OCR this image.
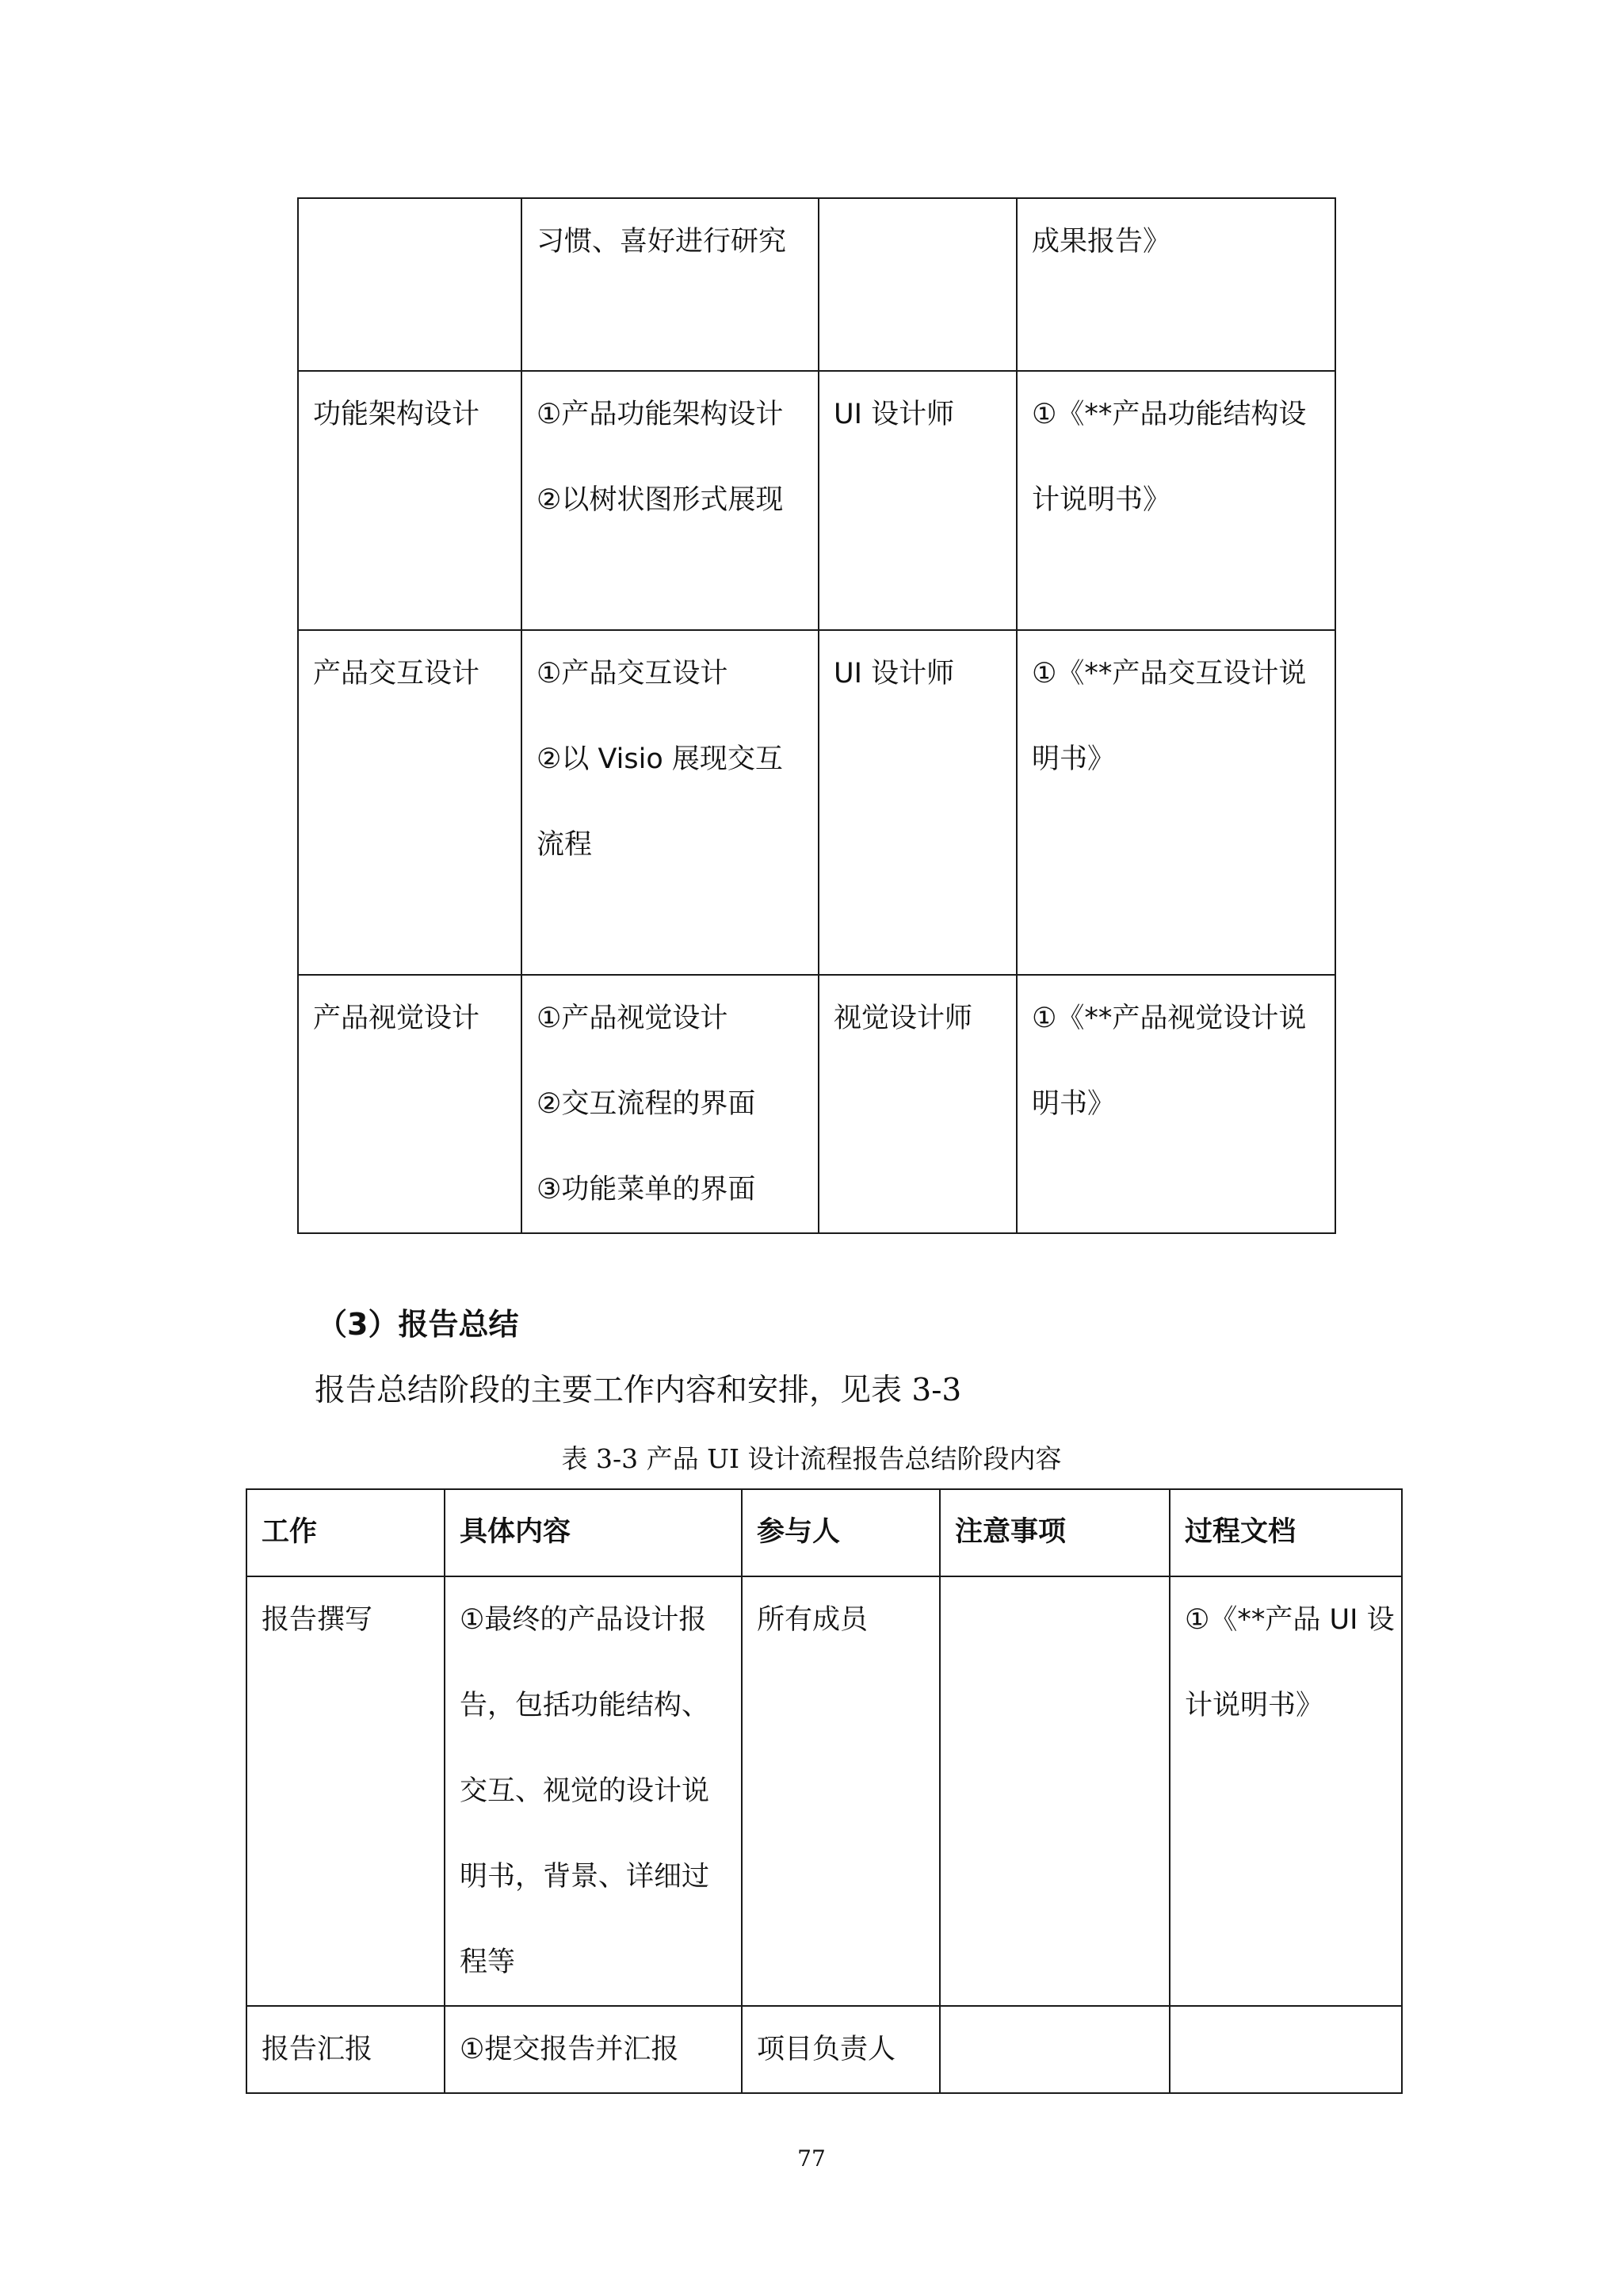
	习惯、喜好进行研究		成果报告》

功能架构设计	①产品功能架构设计
②以树状图形式展现	UI 设计师	①《**产品功能结构设
计说明书》

产品交互设计	①产品交互设计
②以 Visio 展现交互
流程	UI 设计师	①《**产品交互设计说
明书》

产品视觉设计	①产品视觉设计
②交互流程的界面
③功能菜单的界面	视觉设计师	①《**产品视觉设计说
明书》

（3）报告总结

报告总结阶段的主要工作内容和安排，见表 3-3

表 3-3 产品 UI 设计流程报告总结阶段内容

工作	具体内容	参与人	注意事项	过程文档
报告撰写	①最终的产品设计报
告，包括功能结构、
交互、视觉的设计说
明书，背景、详细过
程等	所有成员		①《**产品 UI 设
计说明书》

报告汇报	①提交报告并汇报	项目负责人		

77
